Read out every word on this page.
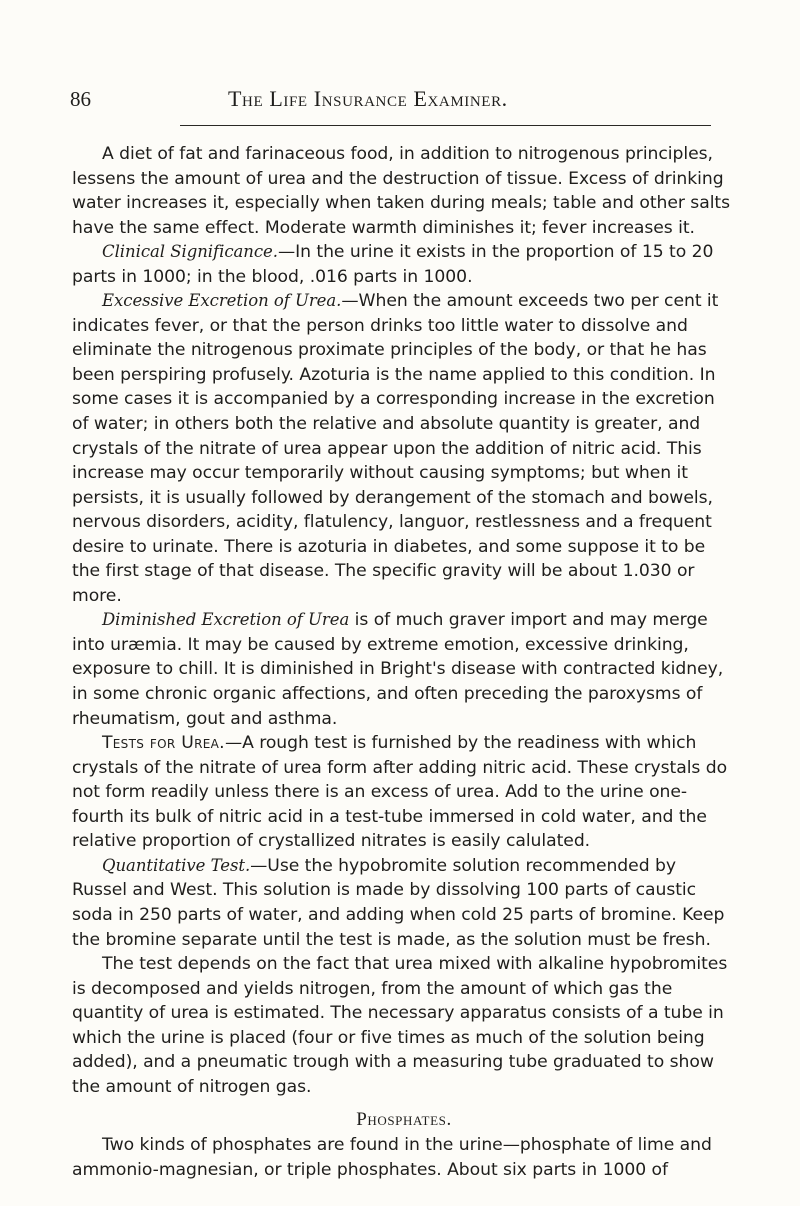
86	The Life Insurance Examiner.

A diet of fat and farinaceous food, in addition to nitrogenous principles, lessens the amount of urea and the destruction of tissue. Excess of drinking water increases it, especially when taken during meals; table and other salts have the same effect. Moderate warmth diminishes it; fever increases it.

Clinical Significance.—In the urine it exists in the proportion of 15 to 20 parts in 1000; in the blood, .016 parts in 1000.

Excessive Excretion of Urea.—When the amount exceeds two per cent it indicates fever, or that the person drinks too little water to dissolve and eliminate the nitrogenous proximate principles of the body, or that he has been perspiring profusely. Azoturia is the name applied to this condition. In some cases it is accompanied by a corresponding increase in the excretion of water; in others both the relative and absolute quantity is greater, and crystals of the nitrate of urea appear upon the addition of nitric acid. This increase may occur temporarily without causing symptoms; but when it persists, it is usually followed by derangement of the stomach and bowels, nervous disorders, acidity, flatulency, languor, restlessness and a frequent desire to urinate. There is azoturia in diabetes, and some suppose it to be the first stage of that disease. The specific gravity will be about 1.030 or more.

Diminished Excretion of Urea is of much graver import and may merge into uræmia. It may be caused by extreme emotion, excessive drinking, exposure to chill. It is diminished in Bright's disease with contracted kidney, in some chronic organic affections, and often preceding the paroxysms of rheumatism, gout and asthma.

Tests for Urea.—A rough test is furnished by the readiness with which crystals of the nitrate of urea form after adding nitric acid. These crystals do not form readily unless there is an excess of urea. Add to the urine one-fourth its bulk of nitric acid in a test-tube immersed in cold water, and the relative proportion of crystallized nitrates is easily calulated.

Quantitative Test.—Use the hypobromite solution recommended by Russel and West. This solution is made by dissolving 100 parts of caustic soda in 250 parts of water, and adding when cold 25 parts of bromine. Keep the bromine separate until the test is made, as the solution must be fresh.

The test depends on the fact that urea mixed with alkaline hypobromites is decomposed and yields nitrogen, from the amount of which gas the quantity of urea is estimated. The necessary apparatus consists of a tube in which the urine is placed (four or five times as much of the solution being added), and a pneumatic trough with a measuring tube graduated to show the amount of nitrogen gas.

Phosphates.

Two kinds of phosphates are found in the urine—phosphate of lime and ammonio-magnesian, or triple phosphates. About six parts in 1000 of
